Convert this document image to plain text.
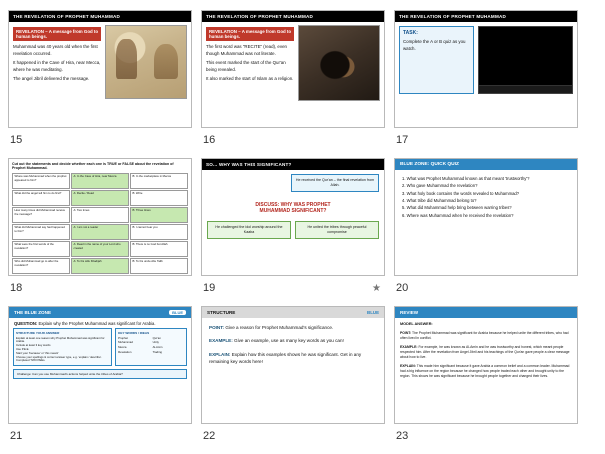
THE REVELATION OF PROPHET MUHAMMAD
REVELATION – A message from God to human beings.
Muhammad was 40 years old when the first revelation occurred.
It happened in the Cave of Hira, near Mecca, where he was meditating.
The angel Jibril delivered the message.
15
THE REVELATION OF PROPHET MUHAMMAD
REVELATION – A message from God to human beings.
The first word was "RECITE" (read), even though Muhammad was not literate.
This event marked the start of the Qur'an being revealed.
It also marked the start of Islam as a religion.
16
THE REVELATION OF PROPHET MUHAMMAD
TASK:
Complete the A or B quiz as you watch.
17
Cut out the statements and decide whether each one is TRUE or FALSE about the revelation of Prophet Muhammad.
Where was Muhammad when the prophet appeared to him?
A: In the Cave of Hira, near Mecca	B: In the marketplace in Mecca
What did the angel tell him to do first?	A: Recite / Read	B: Write
How many times did Muhammad receive the message?
A: Two times	B: Three times
What did Muhammad say had happened to him?
A: I am not a reader	B: I cannot hear you
What were the first words of the revelation?
A: Read in the name of your Lord who created
B: There is no God but Allah
Who did Muhammad go to after the revelation?
A: To his wife Khadijah	B: To his uncle Abu Talib
18
SO... WHY WAS THIS SIGNIFICANT?
He received the Qur'an – the final revelation from Allah.
DISCUSS: WHY WAS PROPHET
MUHAMMAD SIGNIFICANT?
He challenged the idol worship around the Kaaba
He united the tribes through peaceful compromise
19	★
BLUE ZONE: QUICK QUIZ
1. What was Prophet Muhammad known as that meant 'trustworthy'?
2. Who gave Muhammad the revelation?
3. What holy book contains the words revealed to Muhammad?
4. What tribe did Muhammad belong to?
5. What did Muhammad help bring between warring tribes?
6. Where was Muhammad when he received the revelation?
20
THE BLUE ZONE	BLUE
QUESTION: Explain why the Prophet Muhammad was significant for Arabia.
STRUCTURE YOUR ANSWER
Explain at least one reason why Prophet Muhammad was significant for Arabia.
Include at least 3 key words
Use P.E.E.
Start your 'because' or 'this meant'
Choose your spellings & correct answer type, e.g. 'explain / describe'.
Completed TWO PEEs.
KEY WORDS / IDEAS
Prophet	Qur'an
Muhammad	Unity
Mecca	Al-Amin
Revelation	Trading
Challenge: Can you use Muhammad's actions helped unite the tribes of Arabia?
21
STRUCTURE	BLUE

POINT: Give a reason for Prophet Muhammad's significance.

EXAMPLE: Give an example, use as many key words as you can!

EXPLAIN: Explain how this examples shows he was significant. Get in any remaining key words here!

22
REVIEW
MODEL ANSWER:

POINT: The Prophet Muhammad was significant for Arabia because he helped unite the different tribes, who had often lived in conflict.

EXAMPLE: For example, he was known as Al-Amin and he was trustworthy and honest, which meant people respected him. After the revelation from Angel Jibril and his teachings of the Qur'an gave people a clear message about how to live.

EXPLAIN: This made him significant because it gave Arabia a common belief and a common leader. Muhammad had a big influence on the region because he changed how people traded each other and brought unity to the region. This shows he was significant because he brought people together and changed their lives.

23
